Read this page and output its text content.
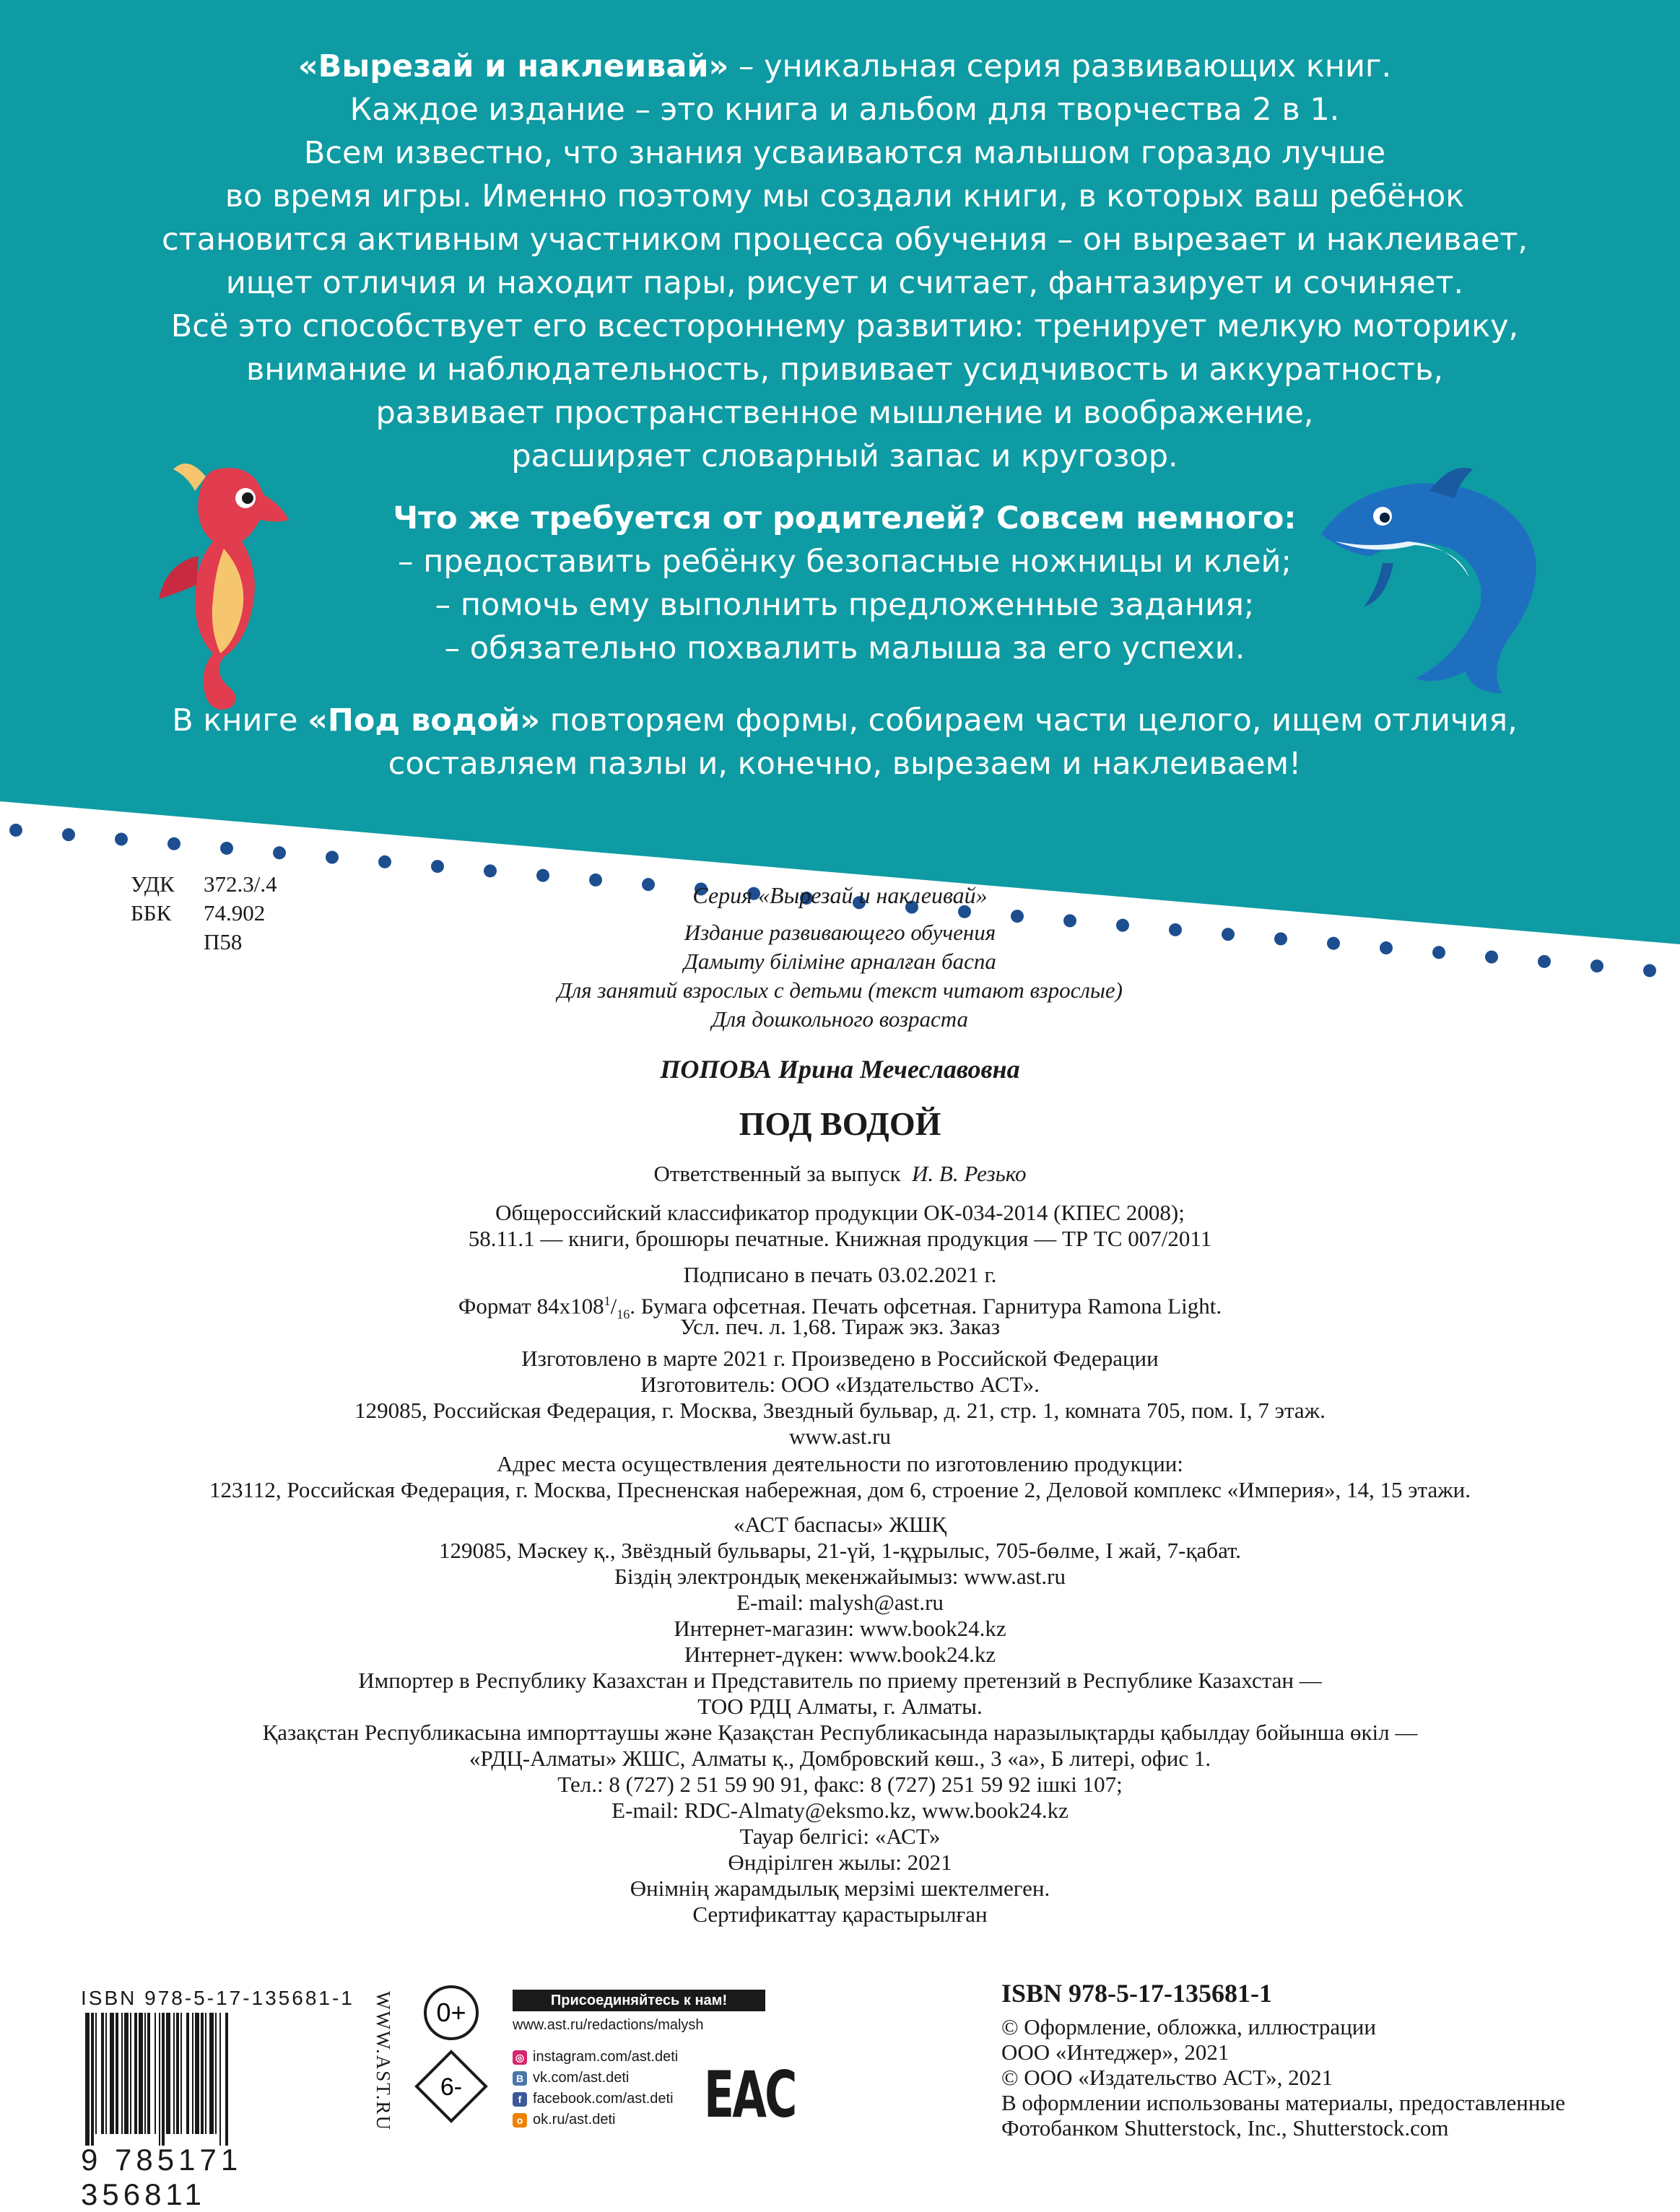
«Вырезай и наклеивай» – уникальная серия развивающих книг.

Каждое издание – это книга и альбом для творчества 2 в 1.

Всем известно, что знания усваиваются малышом гораздо лучше

во время игры. Именно поэтому мы создали книги, в которых ваш ребёнок

становится активным участником процесса обучения – он вырезает и наклеивает,

ищет отличия и находит пары, рисует и считает, фантазирует и сочиняет.

Всё это способствует его всестороннему развитию: тренирует мелкую моторику,

внимание и наблюдательность, прививает усидчивость и аккуратность,

развивает пространственное мышление и воображение,

расширяет словарный запас и кругозор.

Что же требуется от родителей? Совсем немного:

– предоставить ребёнку безопасные ножницы и клей;

– помочь ему выполнить предложенные задания;

– обязательно похвалить малыша за его успехи.

В книге «Под водой» повторяем формы, собираем части целого, ищем отличия,

составляем пазлы и, конечно, вырезаем и наклеиваем!

УДК 372.3/.4
ББК 74.902
П58

Серия «Вырезай и наклеивай»

Издание развивающего обучения

Дамыту біліміне арналған баспа

Для занятий взрослых с детьми (текст читают взрослые)

Для дошкольного возраста

ПОПОВА Ирина Мечеславовна
ПОД ВОДОЙ

Ответственный за выпуск И. В. Резько

Общероссийский классификатор продукции ОК-034-2014 (КПЕС 2008);

58.11.1 — книги, брошюры печатные. Книжная продукция — ТР ТС 007/2011

Подписано в печать 03.02.2021 г.

Формат $84x108^1/_{16}$. Бумага офсетная. Печать офсетная. Гарнитура Ramona Light.

Усл. печ. л. 1,68. Тираж экз. Заказ

Изготовлено в марте 2021 г. Произведено в Российской Федерации

Изготовитель: ООО «Издательство АСТ».

129085, Российская Федерация, г. Москва, Звездный бульвар, д. 21, стр. 1, комната 705, пом. I, 7 этаж.

www.ast.ru

Адрес места осуществления деятельности по изготовлению продукции:

123112, Российская Федерация, г. Москва, Пресненская набережная, дом 6, строение 2, Деловой комплекс «Империя», 14, 15 этажи.

«АСТ баспасы» ЖШҚ

129085, Мәскеу қ., Звёздный бульвары, 21-үй, 1-құрылыс, 705-бөлме, I жай, 7-қабат.

Біздің электрондық мекенжайымыз: www.ast.ru

E-mail: malysh@ast.ru

Интернет-магазин: www.book24.kz

Интернет-дүкен: www.book24.kz

Импортер в Республику Казахстан и Представитель по приему претензий в Республике Казахстан —

ТОО РДЦ Алматы, г. Алматы.

Қазақстан Республикасына импорттаушы және Қазақстан Республикасында наразылықтарды қабылдау бойынша өкіл —

«РДЦ-Алматы» ЖШС, Алматы қ., Домбровский көш., 3 «а», Б литері, офис 1.

Тел.: 8 (727) 2 51 59 90 91, факс: 8 (727) 251 59 92 ішкі 107;

E-mail: RDC-Almaty@eksmo.kz, www.book24.kz

Тауар белгісі: «АСТ»

Өндірілген жылы: 2021

Өнімнің жарамдылық мерзімі шектелмеген.

Сертификаттау қарастырылған

ISBN 978-5-17-135681-1
9 785171 356811
WWW.AST.RU 0+
6-
Присоединяйтесь к нам!
www.ast.ru/redactions/malysh
◎ instagram.com/ast.deti
B vk.com/ast.deti
f facebook.com/ast.deti
o ok.ru/ast.deti EAC
ISBN 978-5-17-135681-1
© Оформление, обложка, иллюстрации
ООО «Интеджер», 2021
© ООО «Издательство АСТ», 2021
В оформлении использованы материалы, предоставленные
Фотобанком Shutterstock, Inc., Shutterstock.com
